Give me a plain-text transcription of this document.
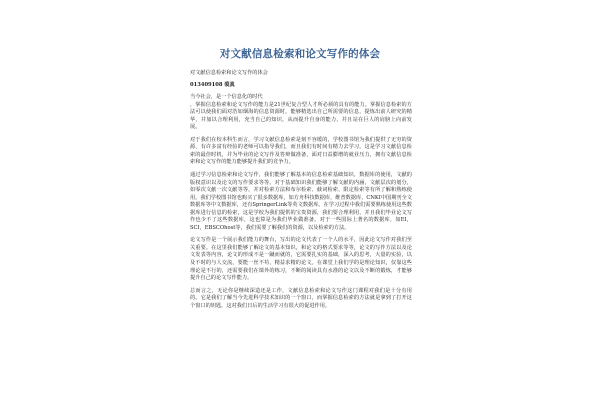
对文献信息检索和论文写作的体会

对文献信息检索和论文写作的体会

013409108 裘真

当今社会，是一个信息化的时代

，掌握信息检索和论文写作的能力是21世纪复合型人才所必须的具有的能力。掌握信息检索的方法可以使我们面对浩如烟海的信息资源时，能够精选出自己所需要的信息，提炼出前人研究的精华，并加以合理利用，充当自己的知识，从而提升自身的能力，并且站在巨人的肩膀上向前发展。

对于我们在校本科生而言，学习文献信息检索是刻不容缓的，学校图书馆为我们提供了无穷的资源，有许多富有经验的老师可以指导我们，而且我们有时间有精力去学习。这是学习文献信息检索的最佳时机，并为毕业的论文写作及答辩做准备，面对日益膨增的就业压力，拥有文献信息检索和论文写作的能力能够提升我们的竞争力。

通过学习信息检索和论文写作，我们能够了解基本的信息检索基础知识，数据库的使用，文献的版权意识以及论文的写作要求等等。对于基础知识我们能够了解文献的内涵，文献层次的划分，如零次文献一次文献等等，并对检索方法和布尔检索、截词检索、限定检索等有所了解和熟练使用。我们学校图书馆也购买了很多数据库，如方舟科技数据库，维普数据库，CNKI中国期刊全文数据库等中文数据库，还有SpringerLink等英文数据库。在学习过程中我们需要熟练使用这些数据库进行信息的检索，这是学校为我们提供的宝贵资源，我们要合理利用，并且我们毕业论文写作也少不了这些数据库，这也算是为我们毕业做准备。对于一些国际上著名的数据库，如EI，SCI，EBSCOhost等，我们需要了解我们的资源，以及检索的方法。

论文写作是一个展示我们能力的舞台，写出的论文代表了一个人的水平，因此论文写作对我们至关重要。在这里我们能够了解论文的基本知识，和论文的格式要求等等，论文的写作方法以及论文发表等内容，论文的形成不是一蹴而就的，它需要扎实的基础，深入的思考，大量的实验，以及不时的与人交流，要能一丝不苟，精益求精的论文。在课堂上我们学的是理论知识，仅靠这些理论是不行的，还需要我们在课外的练习，不断的阅读具有水准的论文以及不断的锻炼，才能够提升自己的论文写作能力。

总而言之，无论你是继续深造还是工作，文献信息检索和论文写作这门课程对我们是十分有用的。它是我们了解当今先进科学技术知识的一个窗口，而掌握信息检索的方法就是拿到了打开这个窗口的钥匙，这对我们日后的生活学习有很大的促进作用。
